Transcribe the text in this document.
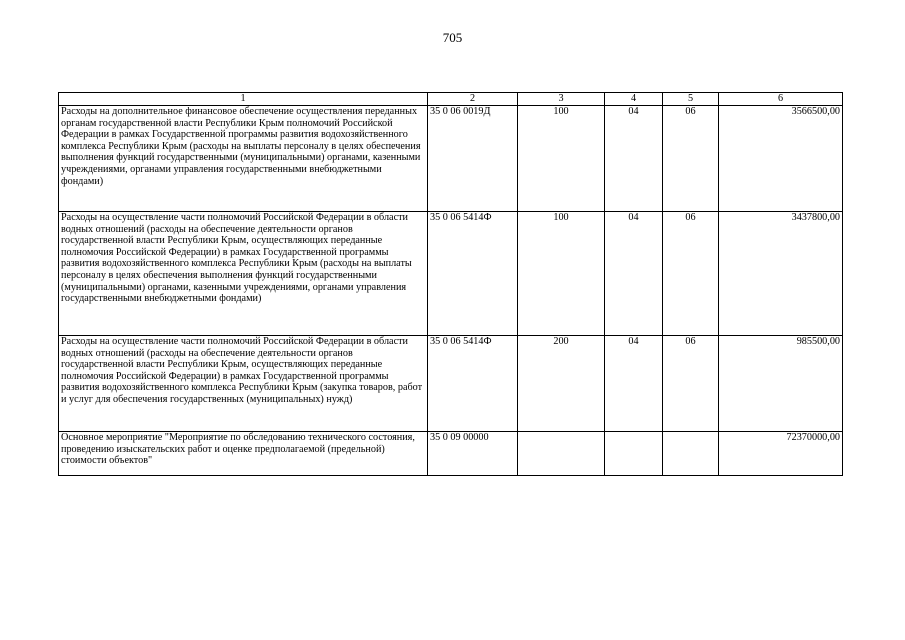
705
1	2	3	4	5	6
Расходы на дополнительное финансовое обеспечение осуществления переданных органам государственной власти Республики Крым полномочий Российской Федерации в рамках Государственной программы развития водохозяйственного комплекса Республики Крым (расходы на выплаты персоналу в целях обеспечения выполнения функций государственными (муниципальными) органами, казенными учреждениями, органами управления государственными внебюджетными фондами)	35 0 06 0019Д	100	04	06	3566500,00
Расходы на осуществление части полномочий Российской Федерации в области водных отношений (расходы на обеспечение деятельности органов государственной власти Республики Крым, осуществляющих переданные полномочия Российской Федерации) в рамках Государственной программы развития водохозяйственного комплекса Республики Крым (расходы на выплаты персоналу в целях обеспечения выполнения функций государственными (муниципальными) органами, казенными учреждениями, органами управления государственными внебюджетными фондами)	35 0 06 5414Ф	100	04	06	3437800,00
Расходы на осуществление части полномочий Российской Федерации в области водных отношений (расходы на обеспечение деятельности органов государственной власти Республики Крым, осуществляющих переданные полномочия Российской Федерации) в рамках Государственной программы развития водохозяйственного комплекса Республики Крым (закупка товаров, работ и услуг для обеспечения государственных (муниципальных) нужд)	35 0 06 5414Ф	200	04	06	985500,00
Основное мероприятие "Мероприятие по обследованию технического состояния, проведению изыскательских работ и оценке предполагаемой (предельной) стоимости объектов"	35 0 09 00000				72370000,00
